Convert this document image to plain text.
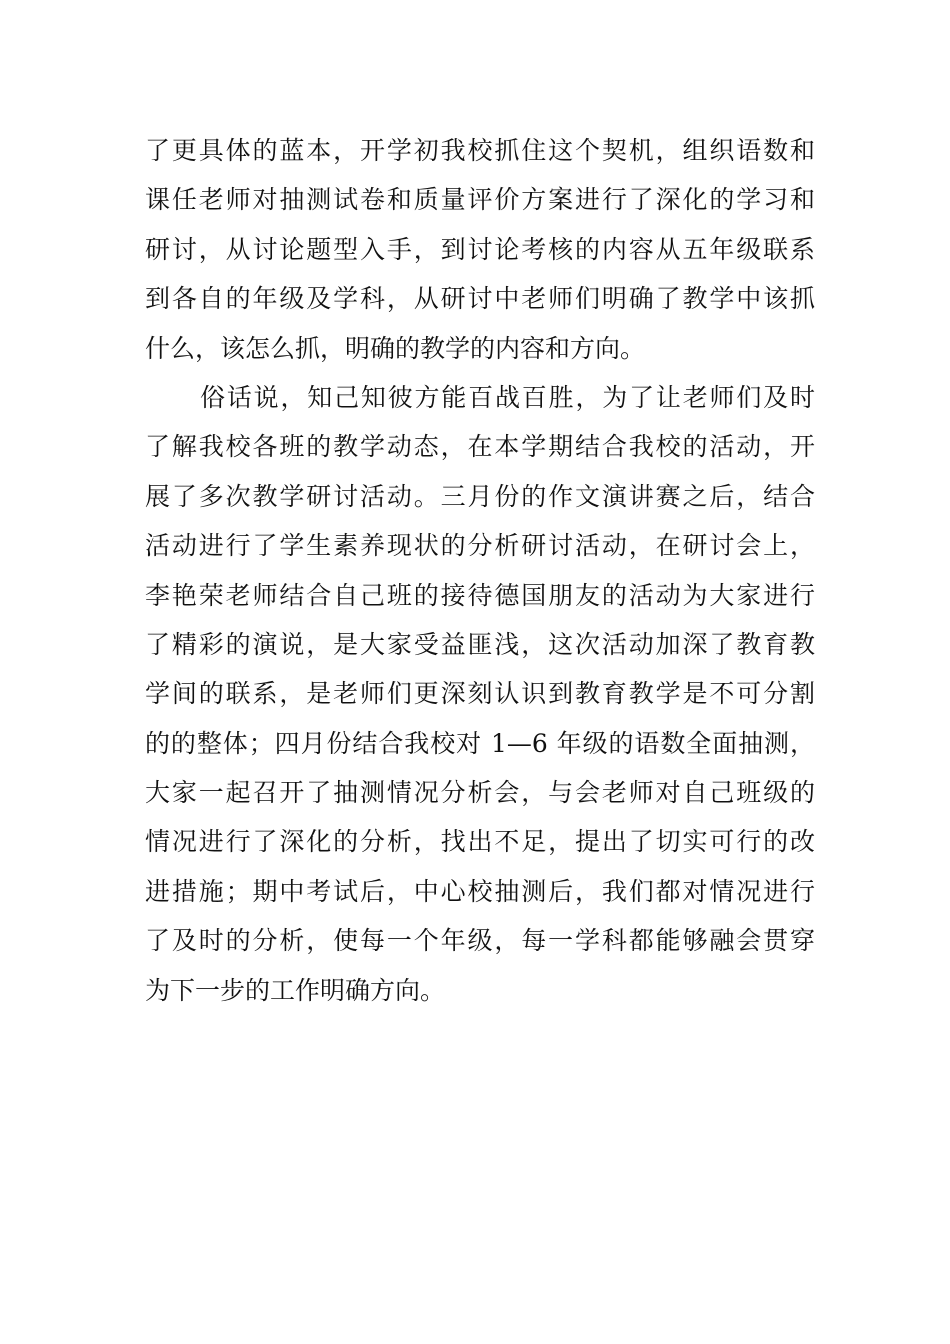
了更具体的蓝本，开学初我校抓住这个契机，组织语数和
课任老师对抽测试卷和质量评价方案进行了深化的学习和
研讨，从讨论题型入手，到讨论考核的内容从五年级联系
到各自的年级及学科，从研讨中老师们明确了教学中该抓
什么，该怎么抓，明确的教学的内容和方向。
俗话说，知己知彼方能百战百胜，为了让老师们及时
了解我校各班的教学动态，在本学期结合我校的活动，开
展了多次教学研讨活动。三月份的作文演讲赛之后，结合
活动进行了学生素养现状的分析研讨活动，在研讨会上，
李艳荣老师结合自己班的接待德国朋友的活动为大家进行
了精彩的演说，是大家受益匪浅，这次活动加深了教育教
学间的联系，是老师们更深刻认识到教育教学是不可分割
的的整体；四月份结合我校对 1—6 年级的语数全面抽测，
大家一起召开了抽测情况分析会，与会老师对自己班级的
情况进行了深化的分析，找出不足，提出了切实可行的改
进措施；期中考试后，中心校抽测后，我们都对情况进行
了及时的分析，使每一个年级，每一学科都能够融会贯穿
为下一步的工作明确方向。
